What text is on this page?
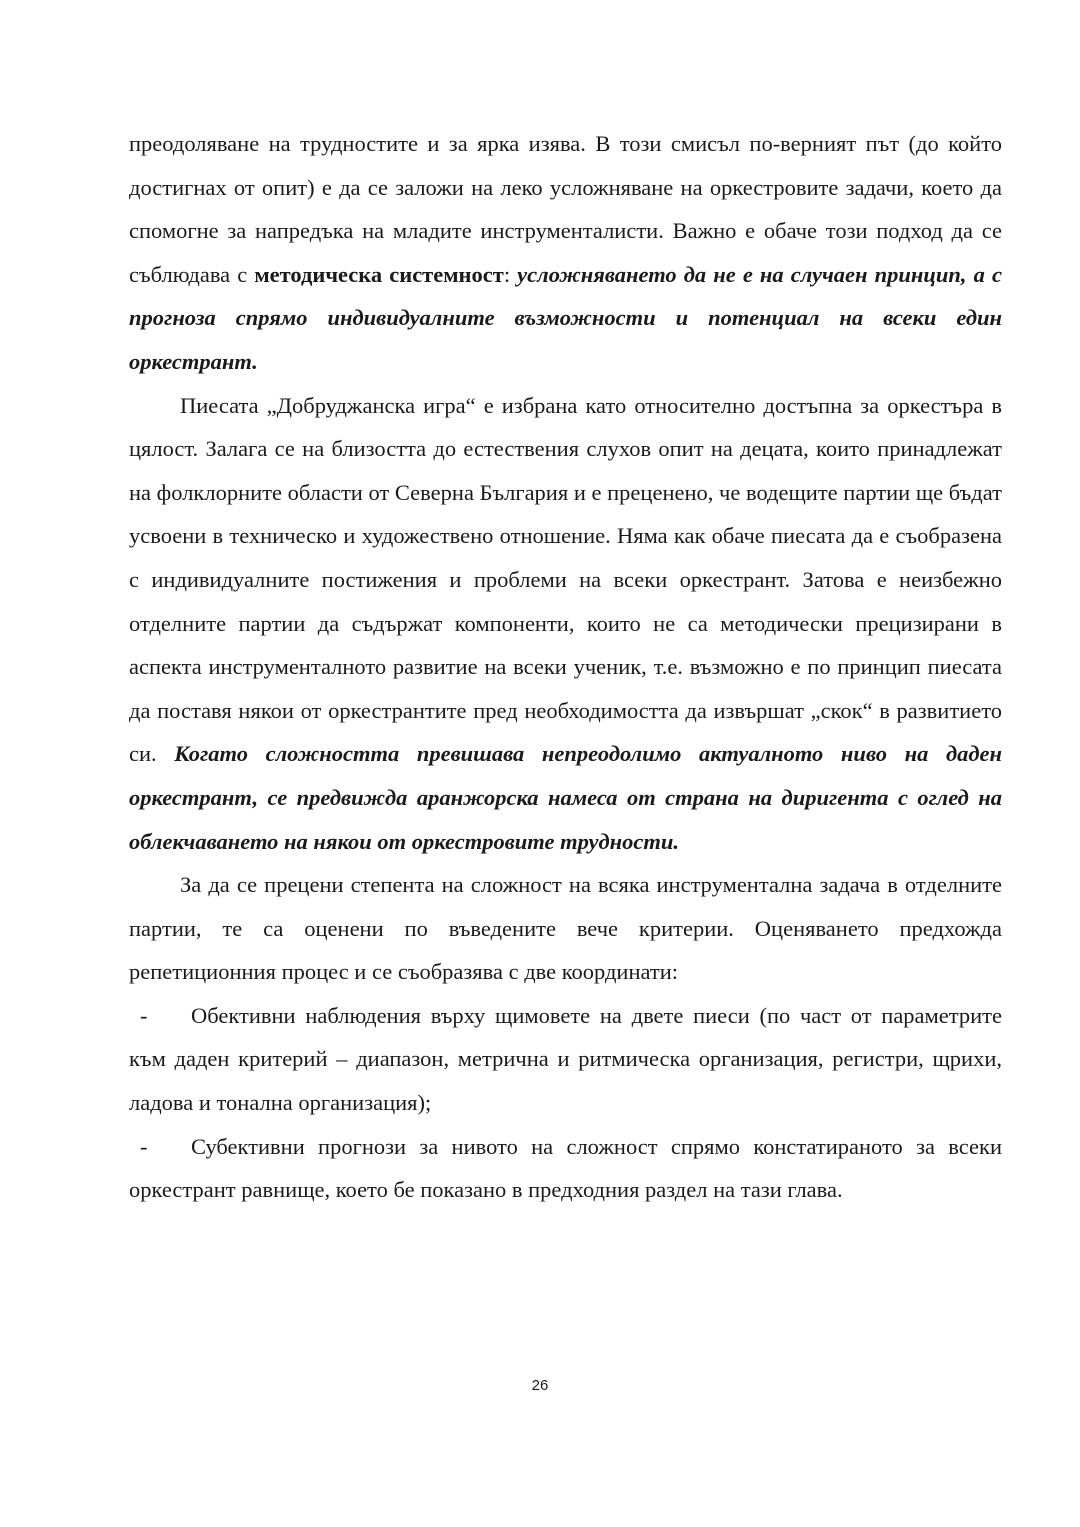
преодоляване на трудностите и за ярка изява. В този смисъл по-верният път (до който достигнах от опит) е да се заложи на леко усложняване на оркестровите задачи, което да спомогне за напредъка на младите инструменталисти. Важно е обаче този подход да се съблюдава с методическа системност: усложняването да не е на случаен принцип, а с прогноза спрямо индивидуалните възможности и потенциал на всеки един оркестрант.

Пиесата „Добруджанска игра“ е избрана като относително достъпна за оркестъра в цялост. Залага се на близостта до естествения слухов опит на децата, които принадлежат на фолклорните области от Северна България и е преценено, че водещите партии ще бъдат усвоени в техническо и художествено отношение. Няма как обаче пиесата да е съобразена с индивидуалните постижения и проблеми на всеки оркестрант. Затова е неизбежно отделните партии да съдържат компоненти, които не са методически прецизирани в аспекта инструменталното развитие на всеки ученик, т.е. възможно е по принцип пиесата да поставя някои от оркестрантите пред необходимостта да извършат „скок“ в развитието си. Когато сложността превишава непреодолимо актуалното ниво на даден оркестрант, се предвижда аранжорска намеса от страна на диригента с оглед на облекчаването на някои от оркестровите трудности.

За да се прецени степента на сложност на всяка инструментална задача в отделните партии, те са оценени по въведените вече критерии. Оценяването предхожда репетиционния процес и се съобразява с две координати:

- Обективни наблюдения върху щимовете на двете пиеси (по част от параметрите към даден критерий – диапазон, метрична и ритмическа организация, регистри, щрихи, ладова и тонална организация);

- Субективни прогнози за нивото на сложност спрямо констатираното за всеки оркестрант равнище, което бе показано в предходния раздел на тази глава.

26
